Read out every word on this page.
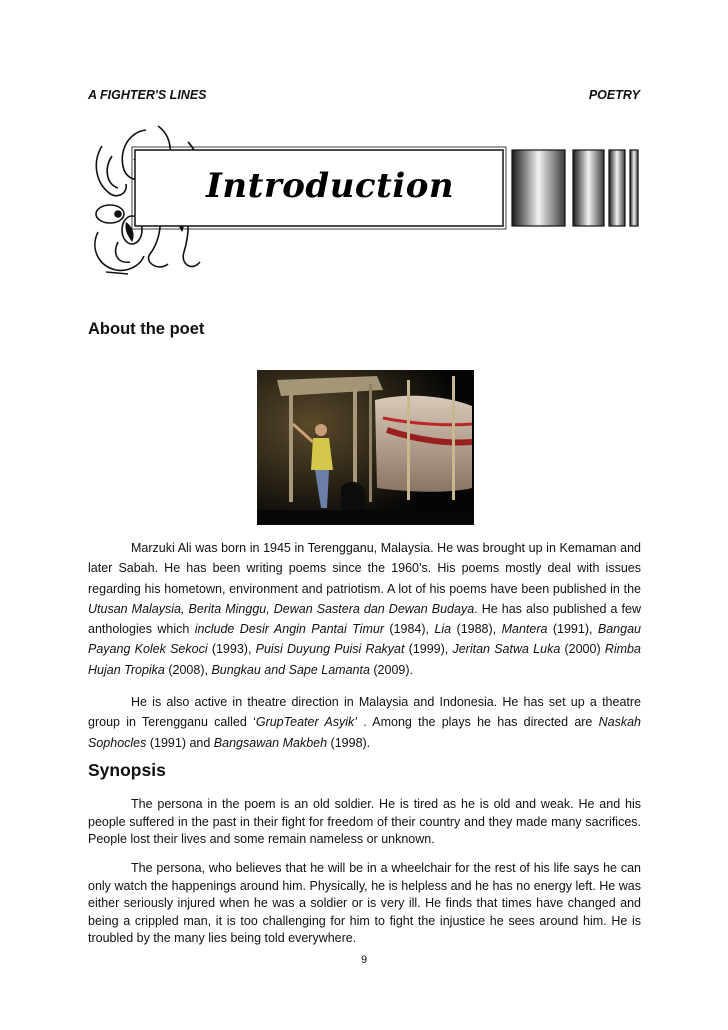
A FIGHTER'S LINES	POETRY
Introduction
About the poet

Marzuki Ali was born in 1945 in Terengganu, Malaysia. He was brought up in Kemaman and later Sabah. He has been writing poems since the 1960’s. His poems mostly deal with issues regarding his hometown, environment and patriotism. A lot of his poems have been published in the Utusan Malaysia, Berita Minggu, Dewan Sastera dan Dewan Budaya. He has also published a few anthologies which include Desir Angin Pantai Timur (1984), Lia (1988), Mantera (1991), Bangau Payang Kolek Sekoci (1993), Puisi Duyung Puisi Rakyat (1999), Jeritan Satwa Luka (2000) Rimba Hujan Tropika (2008), Bungkau and Sape Lamanta (2009).

He is also active in theatre direction in Malaysia and Indonesia. He has set up a theatre group in Terengganu called ‘GrupTeater Asyik’ . Among the plays he has directed are Naskah Sophocles (1991) and Bangsawan Makbeh (1998).

Synopsis

The persona in the poem is an old soldier. He is tired as he is old and weak. He and his people suffered in the past in their fight for freedom of their country and they made many sacrifices. People lost their lives and some remain nameless or unknown.

The persona, who believes that he will be in a wheelchair for the rest of his life says he can only watch the happenings around him. Physically, he is helpless and he has no energy left. He was either seriously injured when he was a soldier or is very ill. He finds that times have changed and being a crippled man, it is too challenging for him to fight the injustice he sees around him. He is troubled by the many lies being told everywhere.

9
